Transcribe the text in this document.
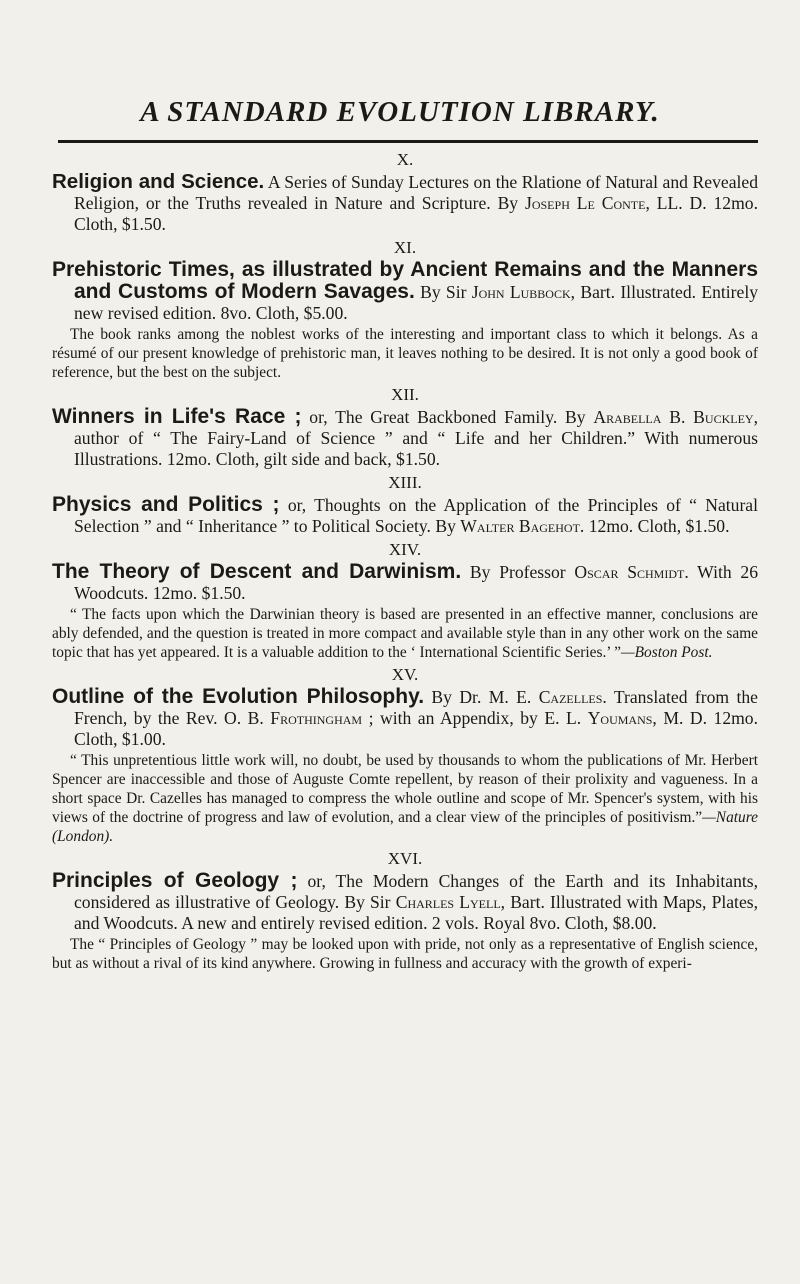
A STANDARD EVOLUTION LIBRARY.
X.
Religion and Science. A Series of Sunday Lectures on the Rlatione of Natural and Revealed Religion, or the Truths revealed in Nature and Scripture. By Joseph Le Conte, LL. D. 12mo. Cloth, $1.50.
XI.
Prehistoric Times, as illustrated by Ancient Remains and the Manners and Customs of Modern Savages. By Sir John Lubbock, Bart. Illustrated. Entirely new revised edition. 8vo. Cloth, $5.00.
The book ranks among the noblest works of the interesting and important class to which it belongs. As a résumé of our present knowledge of prehistoric man, it leaves nothing to be desired. It is not only a good book of reference, but the best on the subject.
XII.
Winners in Life's Race ; or, The Great Backboned Family. By Arabella B. Buckley, author of “ The Fairy-Land of Science ” and “ Life and her Children.” With numerous Illustrations. 12mo. Cloth, gilt side and back, $1.50.
XIII.
Physics and Politics ; or, Thoughts on the Application of the Principles of “ Natural Selection ” and “ Inheritance ” to Political Society. By Walter Bagehot. 12mo. Cloth, $1.50.
XIV.
The Theory of Descent and Darwinism. By Professor Oscar Schmidt. With 26 Woodcuts. 12mo. $1.50.
“ The facts upon which the Darwinian theory is based are presented in an effective manner, conclusions are ably defended, and the question is treated in more compact and available style than in any other work on the same topic that has yet appeared. It is a valuable addition to the ‘ International Scientific Series.’ ”—Boston Post.
XV.
Outline of the Evolution Philosophy. By Dr. M. E. Cazelles. Translated from the French, by the Rev. O. B. Frothingham ; with an Appendix, by E. L. Youmans, M. D. 12mo. Cloth, $1.00.
“ This unpretentious little work will, no doubt, be used by thousands to whom the publications of Mr. Herbert Spencer are inaccessible and those of Auguste Comte repellent, by reason of their prolixity and vagueness. In a short space Dr. Cazelles has managed to compress the whole outline and scope of Mr. Spencer's system, with his views of the doctrine of progress and law of evolution, and a clear view of the principles of positivism.”—Nature (London).
XVI.
Principles of Geology ; or, The Modern Changes of the Earth and its Inhabitants, considered as illustrative of Geology. By Sir Charles Lyell, Bart. Illustrated with Maps, Plates, and Woodcuts. A new and entirely revised edition. 2 vols. Royal 8vo. Cloth, $8.00.
The “ Principles of Geology ” may be looked upon with pride, not only as a representative of English science, but as without a rival of its kind anywhere. Growing in fullness and accuracy with the growth of experi-
